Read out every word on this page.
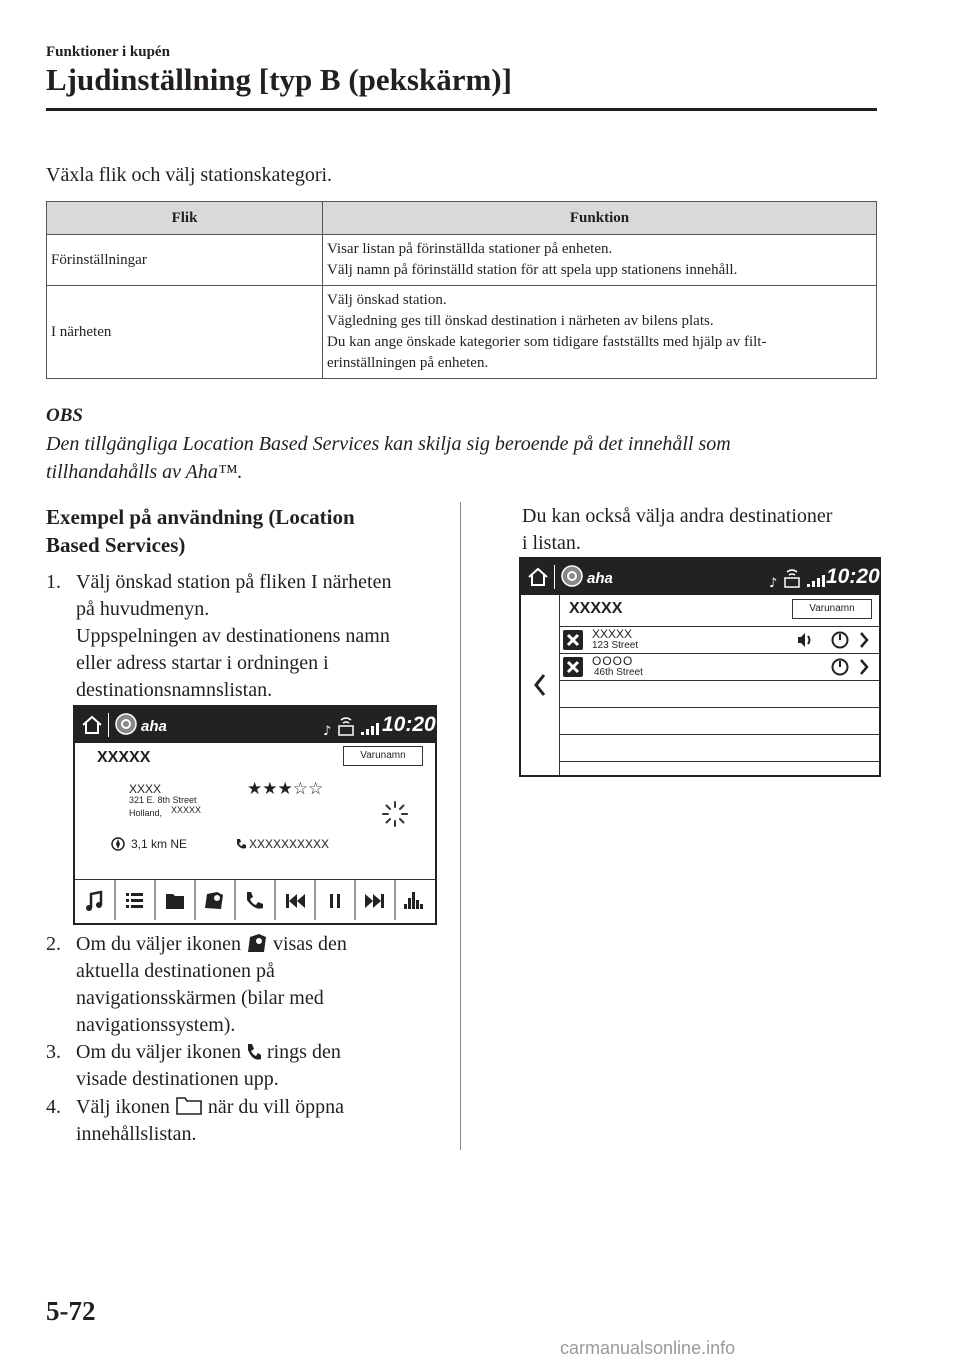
Funktioner i kupén
Ljudinställning [typ B (pekskärm)]
Växla flik och välj stationskategori.
Flik	Funktion
Förinställningar	Visar listan på förinställda stationer på enheten.
Välj namn på förinställd station för att spela upp stationens innehåll.

I närheten	Välj önskad station.
Vägledning ges till önskad destination i närheten av bilens plats.
Du kan ange önskade kategorier som tidigare fastställts med hjälp av filt-
erinställningen på enheten.
OBS
Den tillgängliga Location Based Services kan skilja sig beroende på det innehåll som
tillhandahålls av Aha™.
Exempel på användning (Location
Based Services)
1. Välj önskad station på fliken I närheten
på huvudmenyn.
Uppspelningen av destinationens namn
eller adress startar i ordningen i
destinationsnamnslistan.
aha	♪ 10:20
XXXXX	Varunamn
XXXX
321 E. 8th Street
Holland, XXXXX
★★★☆☆
3,1 km NE	XXXXXXXXXX
2. Om du väljer ikonen visas den
aktuella destinationen på
navigationsskärmen (bilar med
navigationssystem).
3. Om du väljer ikonen rings den
visade destinationen upp.
4. Välj ikonen när du vill öppna
innehållslistan.
Du kan också välja andra destinationer
i listan.
aha	♪ 10:20
XXXXX	Varunamn
XXXXX
123 Street
OOOO
46th Street
5-72
carmanualsonline.info
